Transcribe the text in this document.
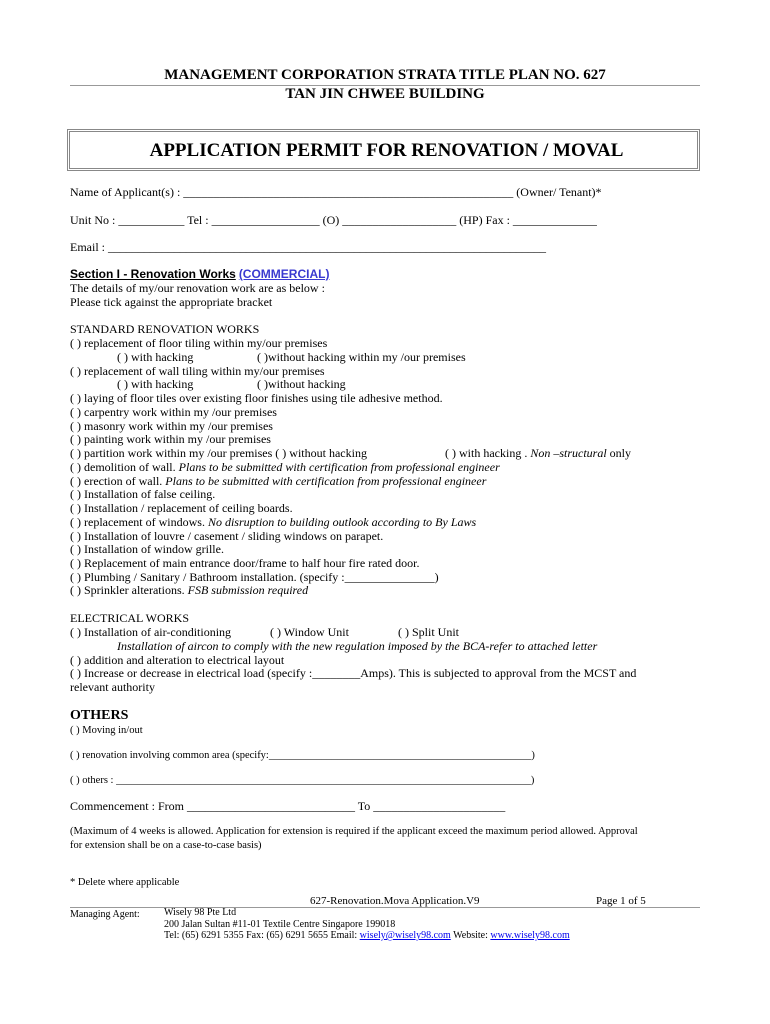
MANAGEMENT CORPORATION STRATA TITLE PLAN NO. 627
TAN JIN CHWEE BUILDING
APPLICATION PERMIT FOR RENOVATION / MOVAL
Name of Applicant(s) : _______________________________________________________ (Owner/ Tenant)*
Unit No : ___________ Tel : __________________ (O) ___________________ (HP) Fax : ______________
Email : _________________________________________________________________________
Section I - Renovation Works (COMMERCIAL)
The details of my/our renovation work are as below :
Please tick against the appropriate bracket
STANDARD RENOVATION WORKS
( ) replacement of floor tiling within my/our premises
( ) with hacking	( )without hacking within my /our premises
( ) replacement of wall tiling within my/our premises
( ) with hacking	( )without hacking
( ) laying of floor tiles over existing floor finishes using tile adhesive method.
( ) carpentry work within my /our premises
( ) masonry work within my /our premises
( ) painting work within my /our premises
( ) partition work within my /our premises ( ) without hacking	( ) with hacking . Non –structural only
( ) demolition of wall. Plans to be submitted with certification from professional engineer
( ) erection of wall. Plans to be submitted with certification from professional engineer
( ) Installation of false ceiling.
( ) Installation / replacement of ceiling boards.
( ) replacement of windows. No disruption to building outlook according to By Laws
( ) Installation of louvre / casement / sliding windows on parapet.
( ) Installation of window grille.
( ) Replacement of main entrance door/frame to half hour fire rated door.
( ) Plumbing / Sanitary / Bathroom installation. (specify :_______________)
( ) Sprinkler alterations. FSB submission required
ELECTRICAL WORKS
( ) Installation of air-conditioning	( ) Window Unit	( ) Split Unit
Installation of aircon to comply with the new regulation imposed by the BCA-refer to attached letter
( ) addition and alteration to electrical layout
( ) Increase or decrease in electrical load (specify :________Amps). This is subjected to approval from the MCST and
relevant authority
OTHERS
( ) Moving in/out
( ) renovation involving common area (specify:__________________________________________________)
( ) others : _______________________________________________________________________________)
Commencement : From ____________________________ To ______________________
(Maximum of 4 weeks is allowed. Application for extension is required if the applicant exceed the maximum period allowed. Approval
for extension shall be on a case-to-case basis)
* Delete where applicable
627-Renovation.Mova Application.V9	Page 1 of 5
Managing Agent: Wisely 98 Pte Ltd
200 Jalan Sultan #11-01 Textile Centre Singapore 199018
Tel: (65) 6291 5355 Fax: (65) 6291 5655 Email: wisely@wisely98.com Website: www.wisely98.com
